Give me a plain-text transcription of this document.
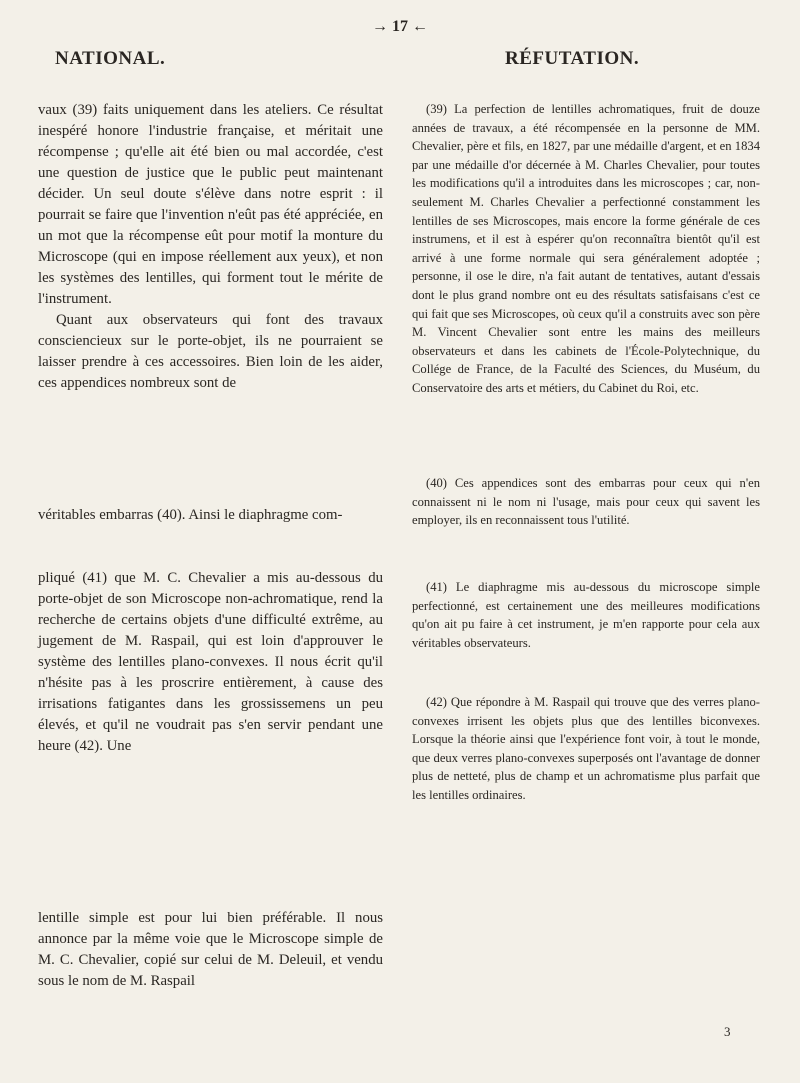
→ 17 ←
NATIONAL.	RÉFUTATION.

vaux (39) faits uniquement dans les ateliers. Ce résultat inespéré honore l'industrie française, et méritait une récompense ; qu'elle ait été bien ou mal accordée, c'est une question de justice que le public peut maintenant décider. Un seul doute s'élève dans notre esprit : il pourrait se faire que l'invention n'eût pas été appréciée, en un mot que la récompense eût pour motif la monture du Microscope (qui en impose réellement aux yeux), et non les systèmes des lentilles, qui forment tout le mérite de l'instrument.

Quant aux observateurs qui font des travaux consciencieux sur le porte-objet, ils ne pourraient se laisser prendre à ces accessoires. Bien loin de les aider, ces appendices nombreux sont de

véritables embarras (40). Ainsi le diaphragme com-

pliqué (41) que M. C. Chevalier a mis au-dessous du porte-objet de son Microscope non-achromatique, rend la recherche de certains objets d'une difficulté extrême, au jugement de M. Raspail, qui est loin d'approuver le système des lentilles plano-convexes. Il nous écrit qu'il n'hésite pas à les proscrire entièrement, à cause des irrisations fatigantes dans les grossissemens un peu élevés, et qu'il ne voudrait pas s'en servir pendant une heure (42). Une

lentille simple est pour lui bien préférable. Il nous annonce par la même voie que le Microscope simple de M. C. Chevalier, copié sur celui de M. Deleuil, et vendu sous le nom de M. Raspail

(39) La perfection de lentilles achromatiques, fruit de douze années de travaux, a été récompensée en la personne de MM. Chevalier, père et fils, en 1827, par une médaille d'argent, et en 1834 par une médaille d'or décernée à M. Charles Chevalier, pour toutes les modifications qu'il a introduites dans les microscopes ; car, non-seulement M. Charles Chevalier a perfectionné constamment les lentilles de ses Microscopes, mais encore la forme générale de ces instrumens, et il est à espérer qu'on reconnaîtra bientôt qu'il est arrivé à une forme normale qui sera généralement adoptée ; personne, il ose le dire, n'a fait autant de tentatives, autant d'essais dont le plus grand nombre ont eu des résultats satisfaisans c'est ce qui fait que ses Microscopes, où ceux qu'il a construits avec son père M. Vincent Chevalier sont entre les mains des meilleurs observateurs et dans les cabinets de l'École-Polytechnique, du Collége de France, de la Faculté des Sciences, du Muséum, du Conservatoire des arts et métiers, du Cabinet du Roi, etc.

(40) Ces appendices sont des embarras pour ceux qui n'en connaissent ni le nom ni l'usage, mais pour ceux qui savent les employer, ils en reconnaissent tous l'utilité.

(41) Le diaphragme mis au-dessous du microscope simple perfectionné, est certainement une des meilleures modifications qu'on ait pu faire à cet instrument, je m'en rapporte pour cela aux véritables observateurs.

(42) Que répondre à M. Raspail qui trouve que des verres plano-convexes irrisent les objets plus que des lentilles biconvexes. Lorsque la théorie ainsi que l'expérience font voir, à tout le monde, que deux verres plano-convexes superposés ont l'avantage de donner plus de netteté, plus de champ et un achromatisme plus parfait que les lentilles ordinaires.

3
